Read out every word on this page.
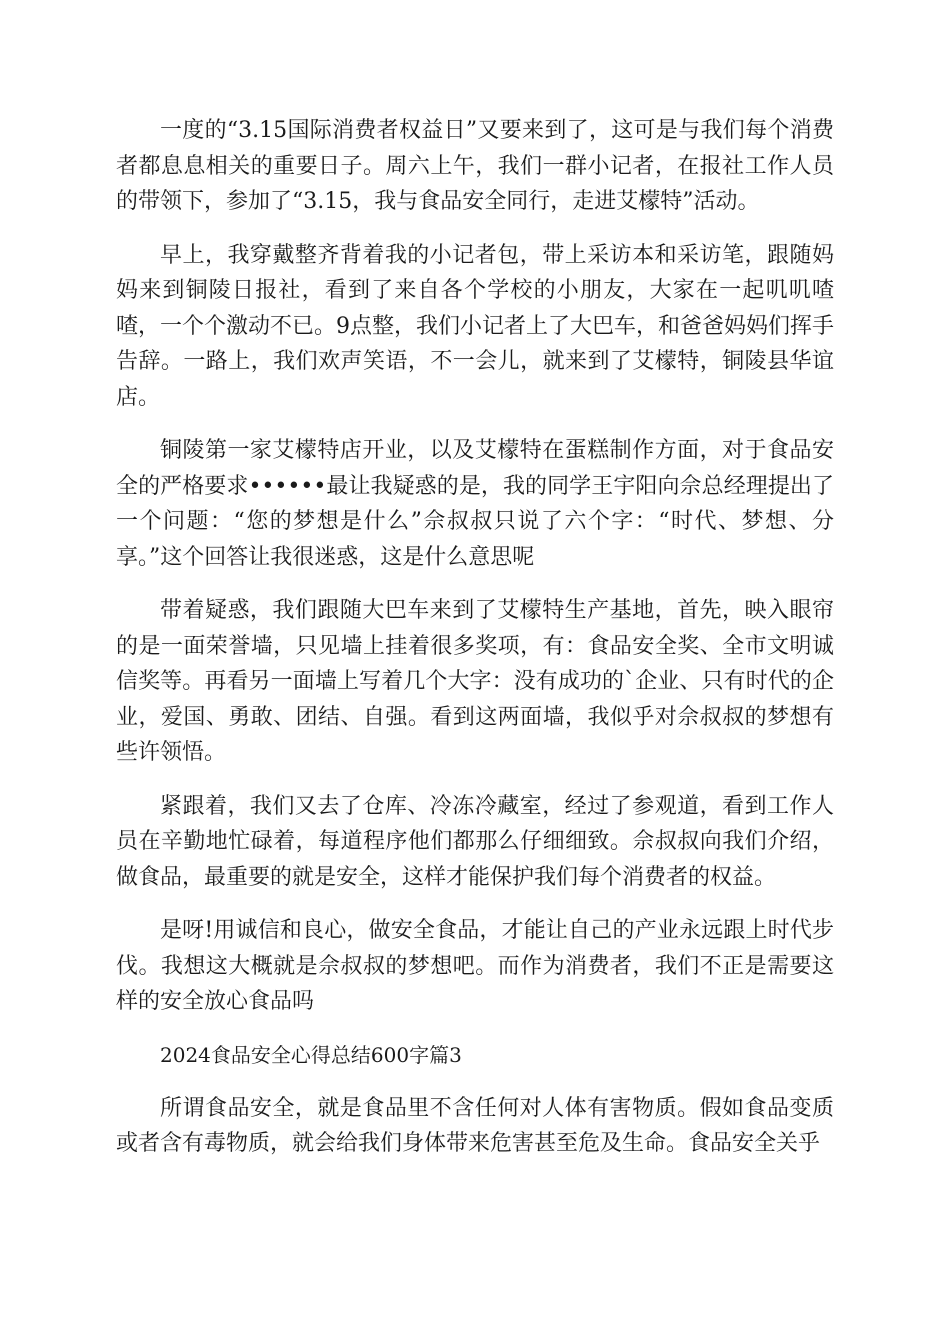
一度的“3.15国际消费者权益日”又要来到了，这可是与我们每个消费者都息息相关的重要日子。周六上午，我们一群小记者，在报社工作人员的带领下，参加了“3.15，我与食品安全同行，走进艾檬特”活动。

早上，我穿戴整齐背着我的小记者包，带上采访本和采访笔，跟随妈妈来到铜陵日报社，看到了来自各个学校的小朋友，大家在一起叽叽喳喳，一个个激动不已。9点整，我们小记者上了大巴车，和爸爸妈妈们挥手告辞。一路上，我们欢声笑语，不一会儿，就来到了艾檬特，铜陵县华谊店。

铜陵第一家艾檬特店开业，以及艾檬特在蛋糕制作方面，对于食品安全的严格要求••••••最让我疑惑的是，我的同学王宇阳向佘总经理提出了一个问题：“您的梦想是什么”佘叔叔只说了六个字：“时代、梦想、分享。”这个回答让我很迷惑，这是什么意思呢

带着疑惑，我们跟随大巴车来到了艾檬特生产基地，首先，映入眼帘的是一面荣誉墙，只见墙上挂着很多奖项，有：食品安全奖、全市文明诚信奖等。再看另一面墙上写着几个大字：没有成功的`企业、只有时代的企业，爱国、勇敢、团结、自强。看到这两面墙，我似乎对佘叔叔的梦想有些许领悟。

紧跟着，我们又去了仓库、冷冻冷藏室，经过了参观道，看到工作人员在辛勤地忙碌着，每道程序他们都那么仔细细致。佘叔叔向我们介绍，做食品，最重要的就是安全，这样才能保护我们每个消费者的权益。

是呀!用诚信和良心，做安全食品，才能让自己的产业永远跟上时代步伐。我想这大概就是佘叔叔的梦想吧。而作为消费者，我们不正是需要这样的安全放心食品吗

2024食品安全心得总结600字篇3

所谓食品安全，就是食品里不含任何对人体有害物质。假如食品变质或者含有毒物质，就会给我们身体带来危害甚至危及生命。食品安全关乎
